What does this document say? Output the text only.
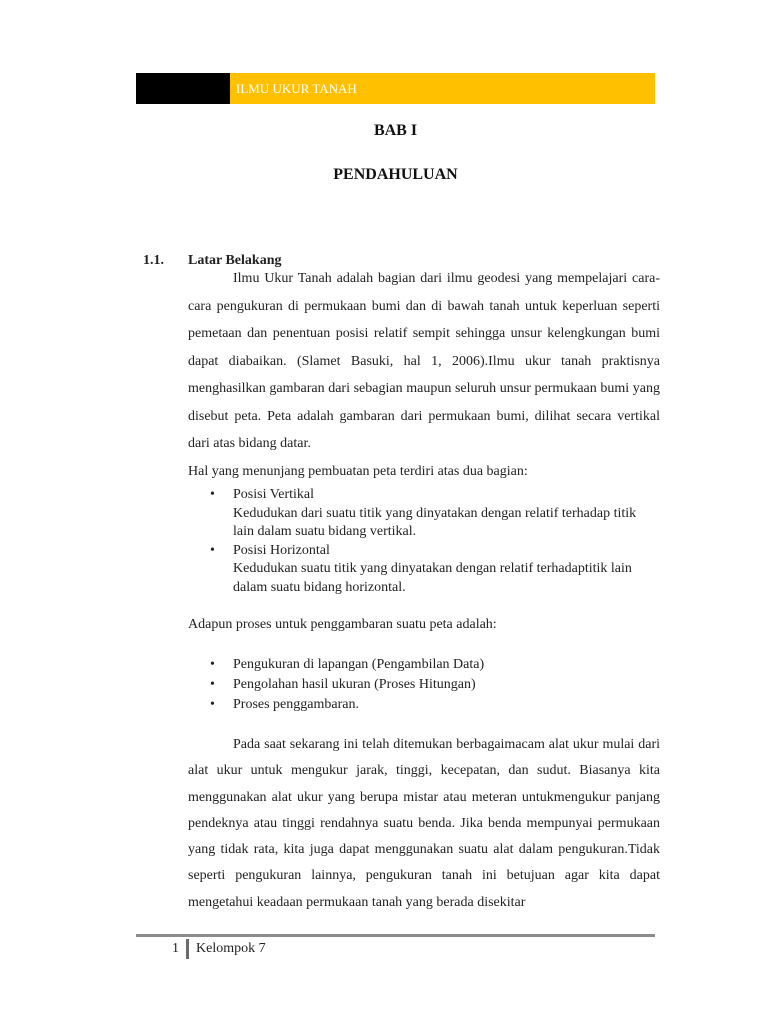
ILMU UKUR TANAH
BAB I
PENDAHULUAN
1.1. Latar Belakang

Ilmu Ukur Tanah adalah bagian dari ilmu geodesi yang mempelajari cara-cara pengukuran di permukaan bumi dan di bawah tanah untuk keperluan seperti pemetaan dan penentuan posisi relatif sempit sehingga unsur kelengkungan bumi dapat diabaikan. (Slamet Basuki, hal 1, 2006).Ilmu ukur tanah praktisnya menghasilkan gambaran dari sebagian maupun seluruh unsur permukaan bumi yang disebut peta. Peta adalah gambaran dari permukaan bumi, dilihat secara vertikal dari atas bidang datar.

Hal yang menunjang pembuatan peta terdiri atas dua bagian:

• Posisi Vertikal
Kedudukan dari suatu titik yang dinyatakan dengan relatif terhadap titik lain dalam suatu bidang vertikal.
• Posisi Horizontal
Kedudukan suatu titik yang dinyatakan dengan relatif terhadaptitik lain dalam suatu bidang horizontal.

Adapun proses untuk penggambaran suatu peta adalah:

• Pengukuran di lapangan (Pengambilan Data)
• Pengolahan hasil ukuran (Proses Hitungan)
• Proses penggambaran.

Pada saat sekarang ini telah ditemukan berbagaimacam alat ukur mulai dari alat ukur untuk mengukur jarak, tinggi, kecepatan, dan sudut. Biasanya kita menggunakan alat ukur yang berupa mistar atau meteran untukmengukur panjang pendeknya atau tinggi rendahnya suatu benda. Jika benda mempunyai permukaan yang tidak rata, kita juga dapat menggunakan suatu alat dalam pengukuran.Tidak seperti pengukuran lainnya, pengukuran tanah ini betujuan agar kita dapat mengetahui keadaan permukaan tanah yang berada disekitar

1 Kelompok 7
